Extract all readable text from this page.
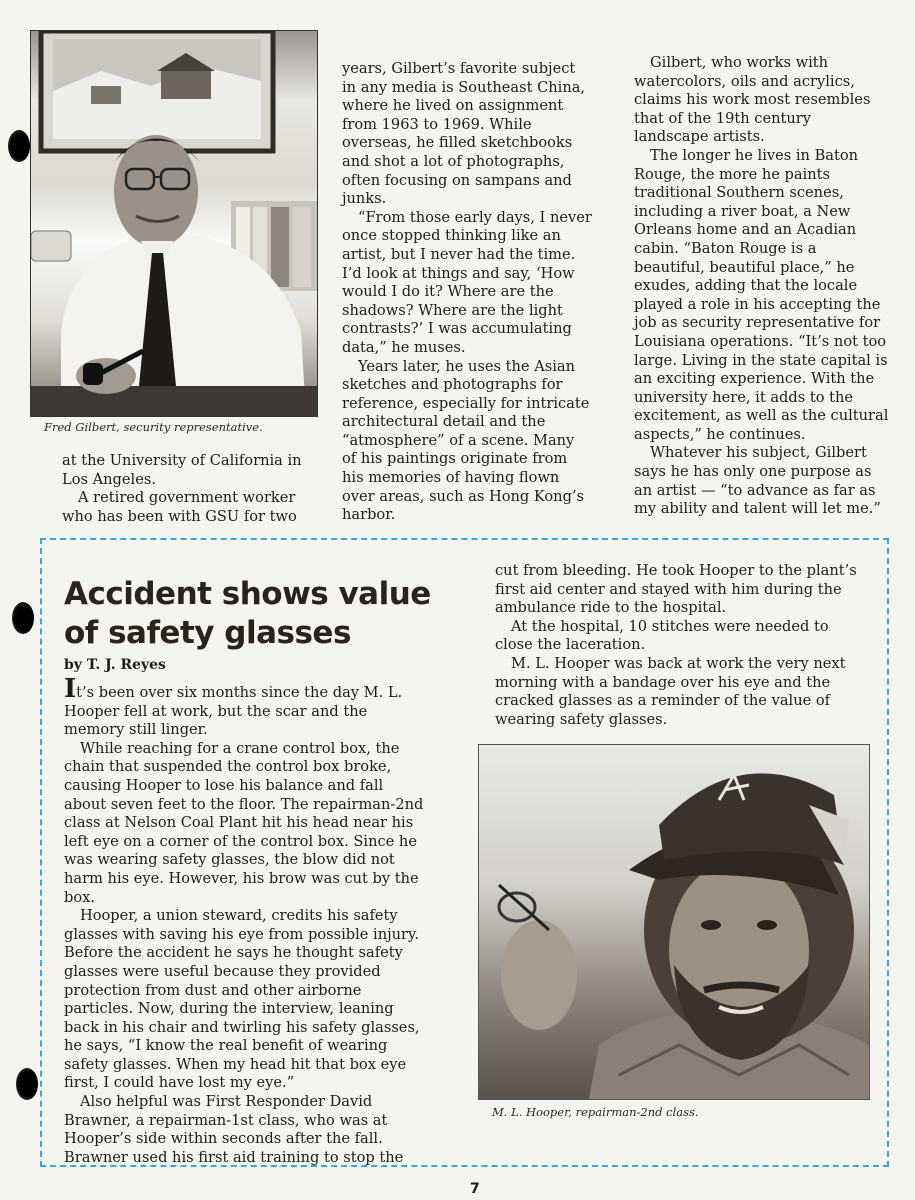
Fred Gilbert, security representative.

at the University of California in Los Angeles.

A retired government worker who has been with GSU for two

years, Gilbert’s favorite subject in any media is Southeast China, where he lived on assignment from 1963 to 1969. While overseas, he filled sketchbooks and shot a lot of photographs, often focusing on sampans and junks.

“From those early days, I never once stopped thinking like an artist, but I never had the time. I’d look at things and say, ‘How would I do it? Where are the shadows? Where are the light contrasts?’ I was accumulating data,” he muses.

Years later, he uses the Asian sketches and photographs for reference, especially for intricate architectural detail and the “atmosphere” of a scene. Many of his paintings originate from his memories of having flown over areas, such as Hong Kong’s harbor.

Gilbert, who works with watercolors, oils and acrylics, claims his work most resembles that of the 19th century landscape artists.

The longer he lives in Baton Rouge, the more he paints traditional Southern scenes, including a river boat, a New Orleans home and an Acadian cabin. “Baton Rouge is a beautiful, beautiful place,” he exudes, adding that the locale played a role in his accepting the job as security representative for Louisiana operations. “It’s not too large. Living in the state capital is an exciting experience. With the university here, it adds to the excitement, as well as the cultural aspects,” he continues.

Whatever his subject, Gilbert says he has only one purpose as an artist — “to advance as far as my ability and talent will let me.”

Accident shows value of safety glasses
by T. J. Reyes

It’s been over six months since the day M. L. Hooper fell at work, but the scar and the memory still linger.

While reaching for a crane control box, the chain that suspended the control box broke, causing Hooper to lose his balance and fall about seven feet to the floor. The repairman-2nd class at Nelson Coal Plant hit his head near his left eye on a corner of the control box. Since he was wearing safety glasses, the blow did not harm his eye. However, his brow was cut by the box.

Hooper, a union steward, credits his safety glasses with saving his eye from possible injury. Before the accident he says he thought safety glasses were useful because they provided protection from dust and other airborne particles. Now, during the interview, leaning back in his chair and twirling his safety glasses, he says, “I know the real benefit of wearing safety glasses. When my head hit that box eye first, I could have lost my eye.”

Also helpful was First Responder David Brawner, a repairman-1st class, who was at Hooper’s side within seconds after the fall. Brawner used his first aid training to stop the

cut from bleeding. He took Hooper to the plant’s first aid center and stayed with him during the ambulance ride to the hospital.

At the hospital, 10 stitches were needed to close the laceration.

M. L. Hooper was back at work the very next morning with a bandage over his eye and the cracked glasses as a reminder of the value of wearing safety glasses.

M. L. Hooper, repairman-2nd class.
7
